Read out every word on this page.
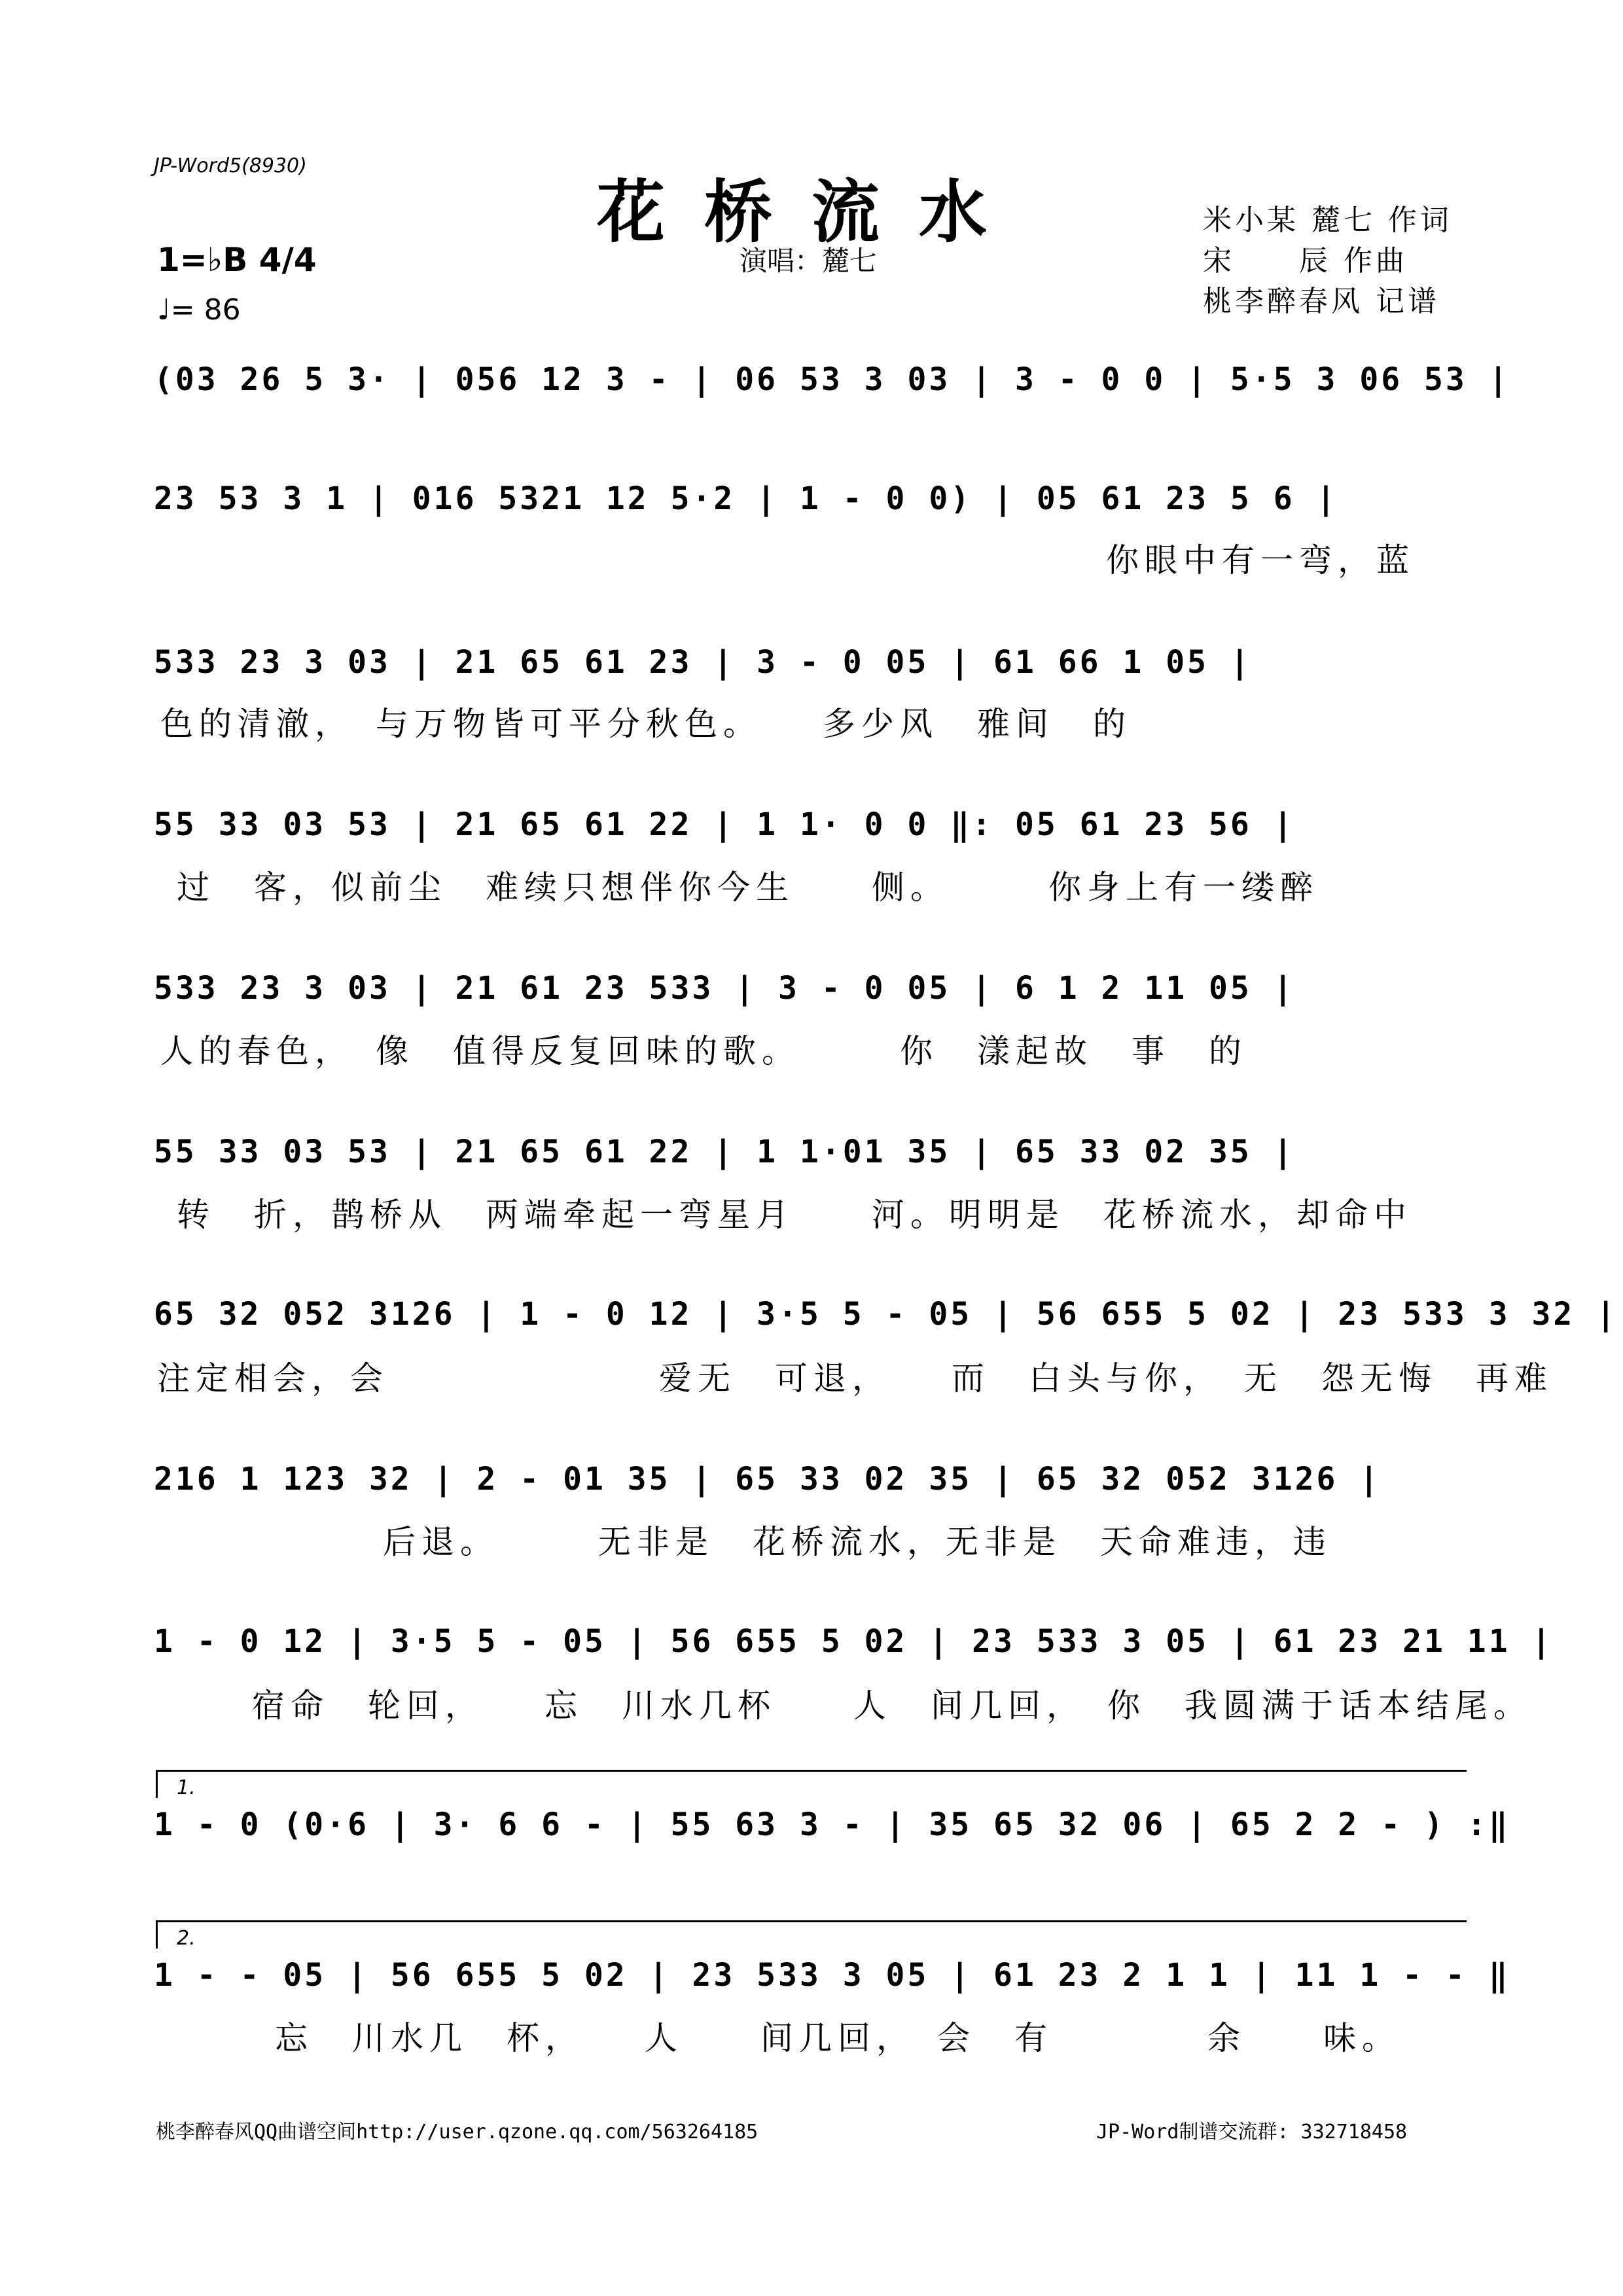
JP-Word5(8930)
花桥流水
演唱：麓七
米小某 麓七 作词
宋　　辰 作曲
桃李醉春风 记谱
1=♭B 4/4
♩= 86
(03 26 5 3· | 056 12 3 - | 06 53 3 03 | 3 - 0 0 | 5·5 3 06 53 |
23 53 3 1 | 016 5321 12 5·2 | 1 - 0 0) | 05 61 23 5 6 |
你眼中有一弯，蓝
533 23 3 03 | 21 65 61 23 | 3 - 0 05 | 61 66 1 05 |
色的清澈，　与万物皆可平分秋色。　　多少风　雅间　的
55 33 03 53 | 21 65 61 22 | 1 1· 0 0 ‖: 05 61 23 56 |
过　客，似前尘　难续只想伴你今生　　侧。　　　你身上有一缕醉
533 23 3 03 | 21 61 23 533 | 3 - 0 05 | 6 1 2 11 05 |
人的春色，　像　值得反复回味的歌。　　　你　漾起故　事　的
55 33 03 53 | 21 65 61 22 | 1 1·01 35 | 65 33 02 35 |
转　折，鹊桥从　两端牵起一弯星月　　河。明明是　花桥流水，却命中
65 32 052 3126 | 1 - 0 12 | 3·5 5 - 05 | 56 655 5 02 | 23 533 3 32 |
注定相会，会　　　　　　　爱无　可退，　　而　白头与你，　无　怨无悔　再难
216 1 123 32 | 2 - 01 35 | 65 33 02 35 | 65 32 052 3126 |
后退。　　　无非是　花桥流水，无非是　天命难违，违
1 - 0 12 | 3·5 5 - 05 | 56 655 5 02 | 23 533 3 05 | 61 23 21 11 |
宿命　轮回，　　忘　川水几杯　　人　间几回，　你　我圆满于话本结尾。
1.
1 - 0 (0·6 | 3· 6 6 - | 55 63 3 - | 35 65 32 06 | 65 2 2 - ) :‖
2.
1 - - 05 | 56 655 5 02 | 23 533 3 05 | 61 23 2 1 1 | 11 1 - - ‖
忘　川水几　杯，　　人　　间几回，　会　有　　　　余　　味。
桃李醉春风QQ曲谱空间http://user.qzone.qq.com/563264185	JP-Word制谱交流群: 332718458
